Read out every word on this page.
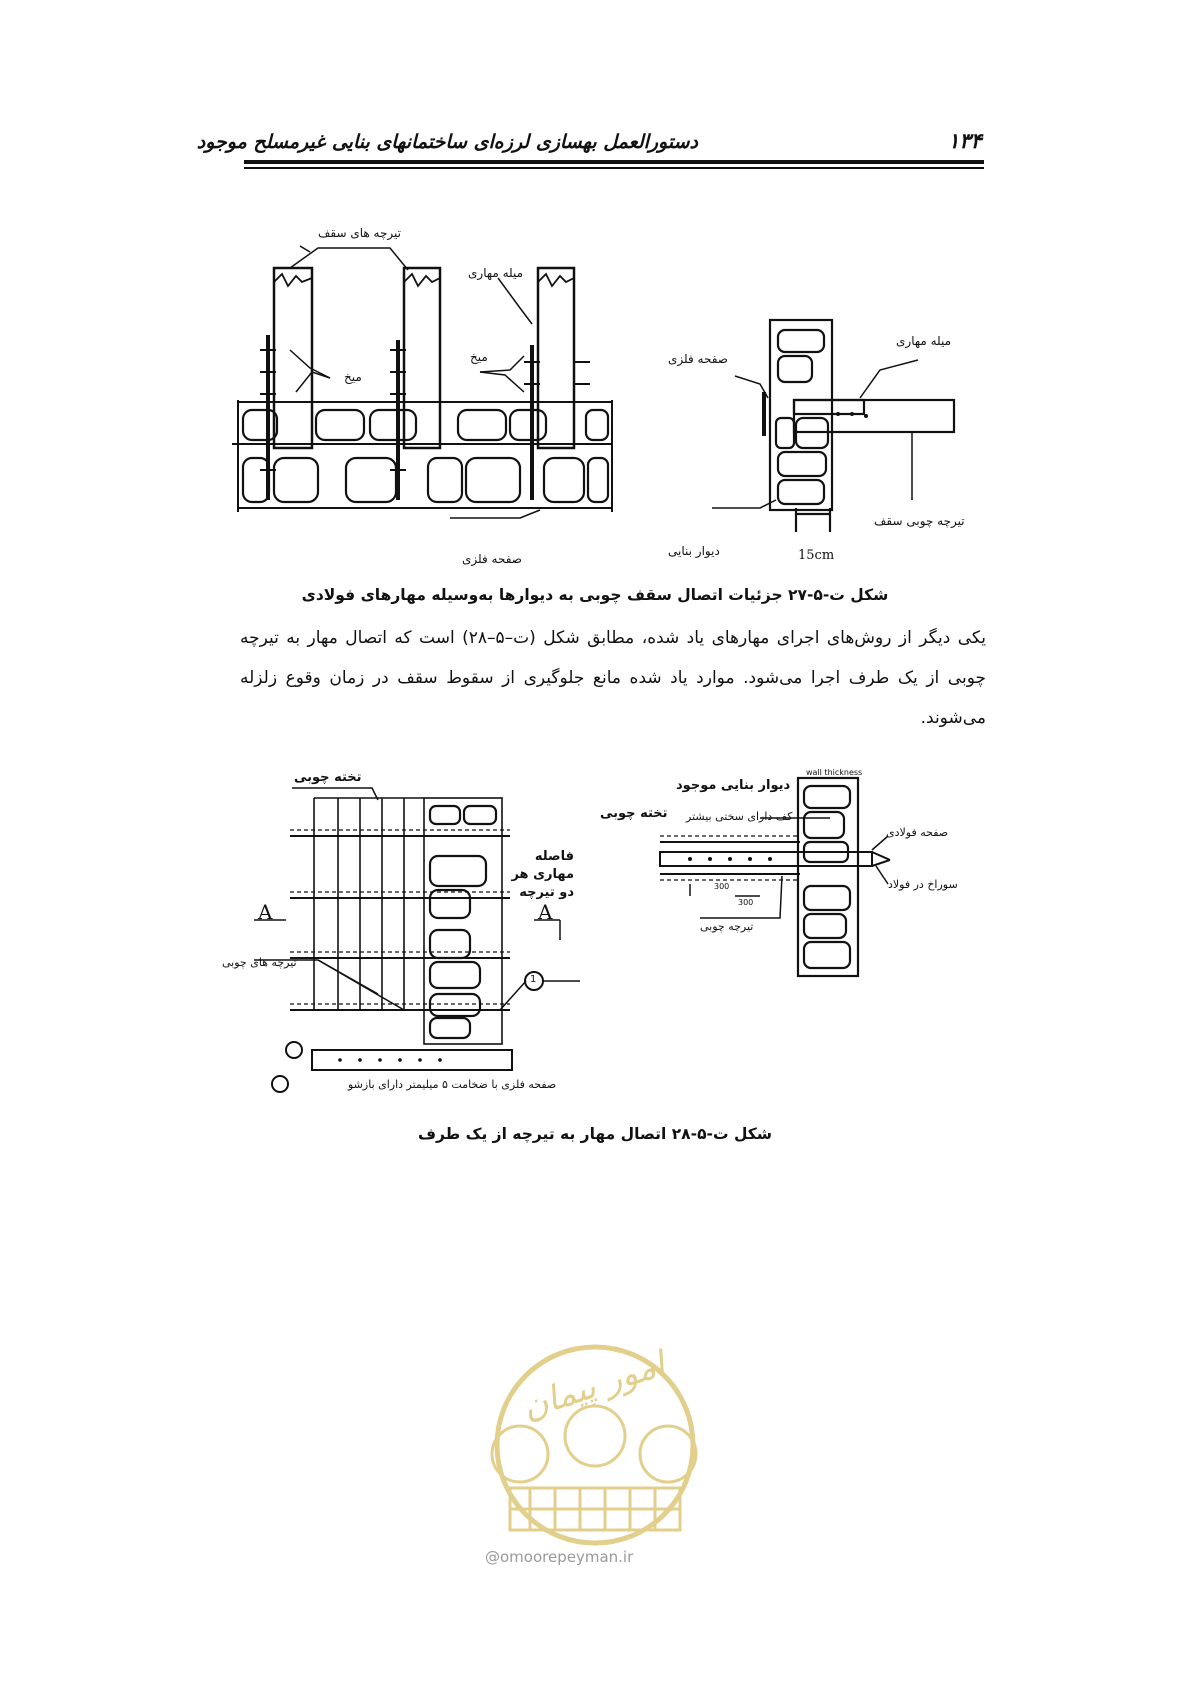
دستورالعمل بهسازی لرزه‌ای ساختمانهای بنایی غیرمسلح موجود	۱۳۴
تیرچه های سقف
میله مهاری
میخ
میخ
صفحه فلزی
صفحه فلزی
میله مهاری
تیرچه چوبی سقف
دیوار بنایی	15cm
شکل ت-۵-۲۷ جزئیات اتصال سقف چوبی به دیوارها به‌وسیله مهارهای فولادی
یکی دیگر از روش‌های اجرای مهارهای یاد شده، مطابق شکل (ت–۵–۲۸) است که اتصال مهار به تیرچه چوبی از یک طرف اجرا می‌شود. موارد یاد شده مانع جلوگیری از سقوط سقف در زمان وقوع زلزله می‌شوند.
تخته چوبی
فاصله مهاری هر دو تیرچه
A	A
تیرچه های چوبی
1
صفحه فلزی با ضخامت ۵ میلیمتر دارای بازشو
wall thickness
دیوار بنایی موجود
تخته چوبی کف دارای سختی بیشتر
صفحه فولادی
سوراخ در فولاد
تیرچه چوبی
300
300
شکل ت-۵-۲۸ اتصال مهار به تیرچه از یک طرف
امور پیمان
@omoorepeyman.ir
